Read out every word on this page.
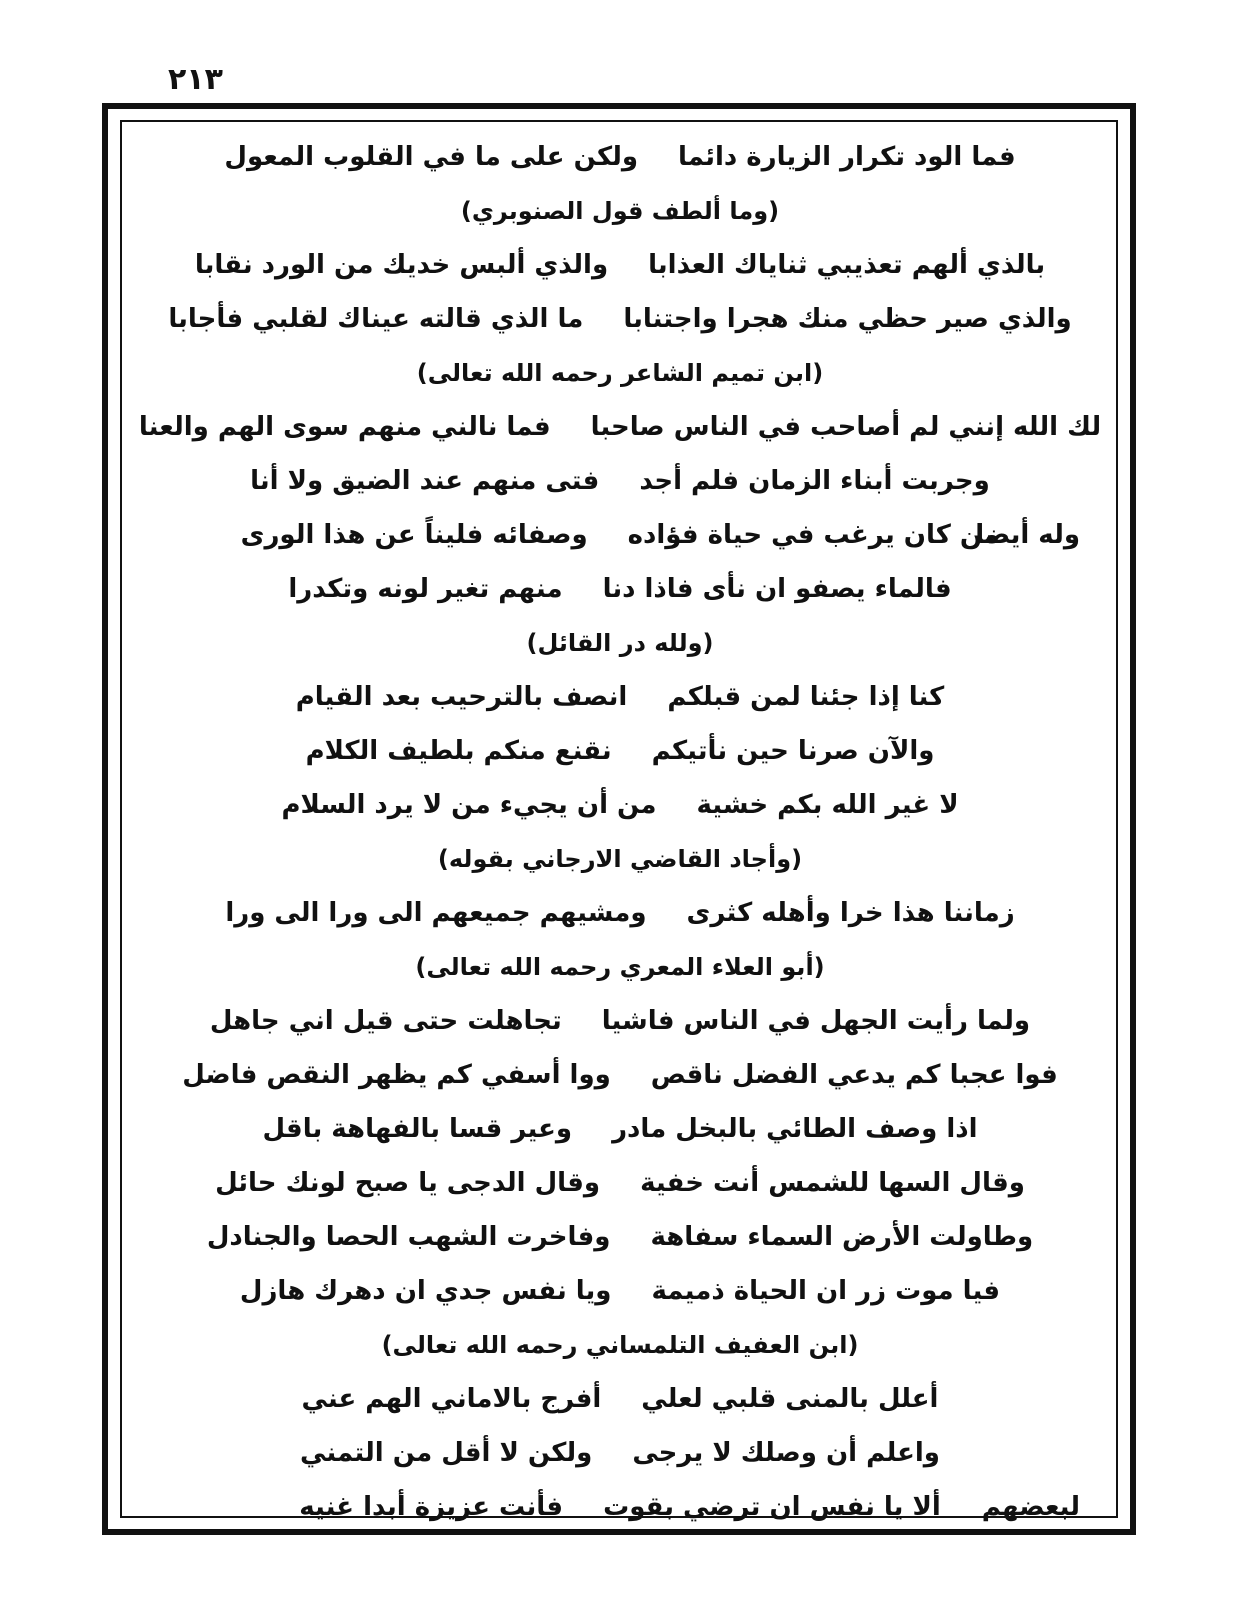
٢١٣
فما الود تكرار الزيارة دائما
ولكن على ما في القلوب المعول
(وما ألطف قول الصنوبري)
بالذي ألهم تعذيبي ثناياك العذابا
والذي ألبس خديك من الورد نقابا
والذي صير حظي منك هجرا واجتنابا
ما الذي قالته عيناك لقلبي فأجابا
(ابن تميم الشاعر رحمه الله تعالى)
لك الله إنني لم أصاحب في الناس صاحبا
فما نالني منهم سوى الهم والعنا
وجربت أبناء الزمان فلم أجد
فتى منهم عند الضيق ولا أنا
وله أيضا
من كان يرغب في حياة فؤاده
وصفائه فليناً عن هذا الورى
فالماء يصفو ان نأى فاذا دنا
منهم تغير لونه وتكدرا
(ولله در القائل)
كنا إذا جئنا لمن قبلكم
انصف بالترحيب بعد القيام
والآن صرنا حين نأتيكم
نقنع منكم بلطيف الكلام
لا غير الله بكم خشية
من أن يجيء من لا يرد السلام
(وأجاد القاضي الارجاني بقوله)
زماننا هذا خرا وأهله كثرى
ومشيهم جميعهم الى ورا الى ورا
(أبو العلاء المعري رحمه الله تعالى)
ولما رأيت الجهل في الناس فاشيا
تجاهلت حتى قيل اني جاهل
فوا عجبا كم يدعي الفضل ناقص
ووا أسفي كم يظهر النقص فاضل
اذا وصف الطائي بالبخل مادر
وعير قسا بالفهاهة باقل
وقال السها للشمس أنت خفية
وقال الدجى يا صبح لونك حائل
وطاولت الأرض السماء سفاهة
وفاخرت الشهب الحصا والجنادل
فيا موت زر ان الحياة ذميمة
ويا نفس جدي ان دهرك هازل
(ابن العفيف التلمساني رحمه الله تعالى)
أعلل بالمنى قلبي لعلي
أفرج بالاماني الهم عني
واعلم أن وصلك لا يرجى
ولكن لا أقل من التمني
لبعضهم
ألا يا نفس ان ترضي بقوت
فأنت عزيزة أبدا غنيه
